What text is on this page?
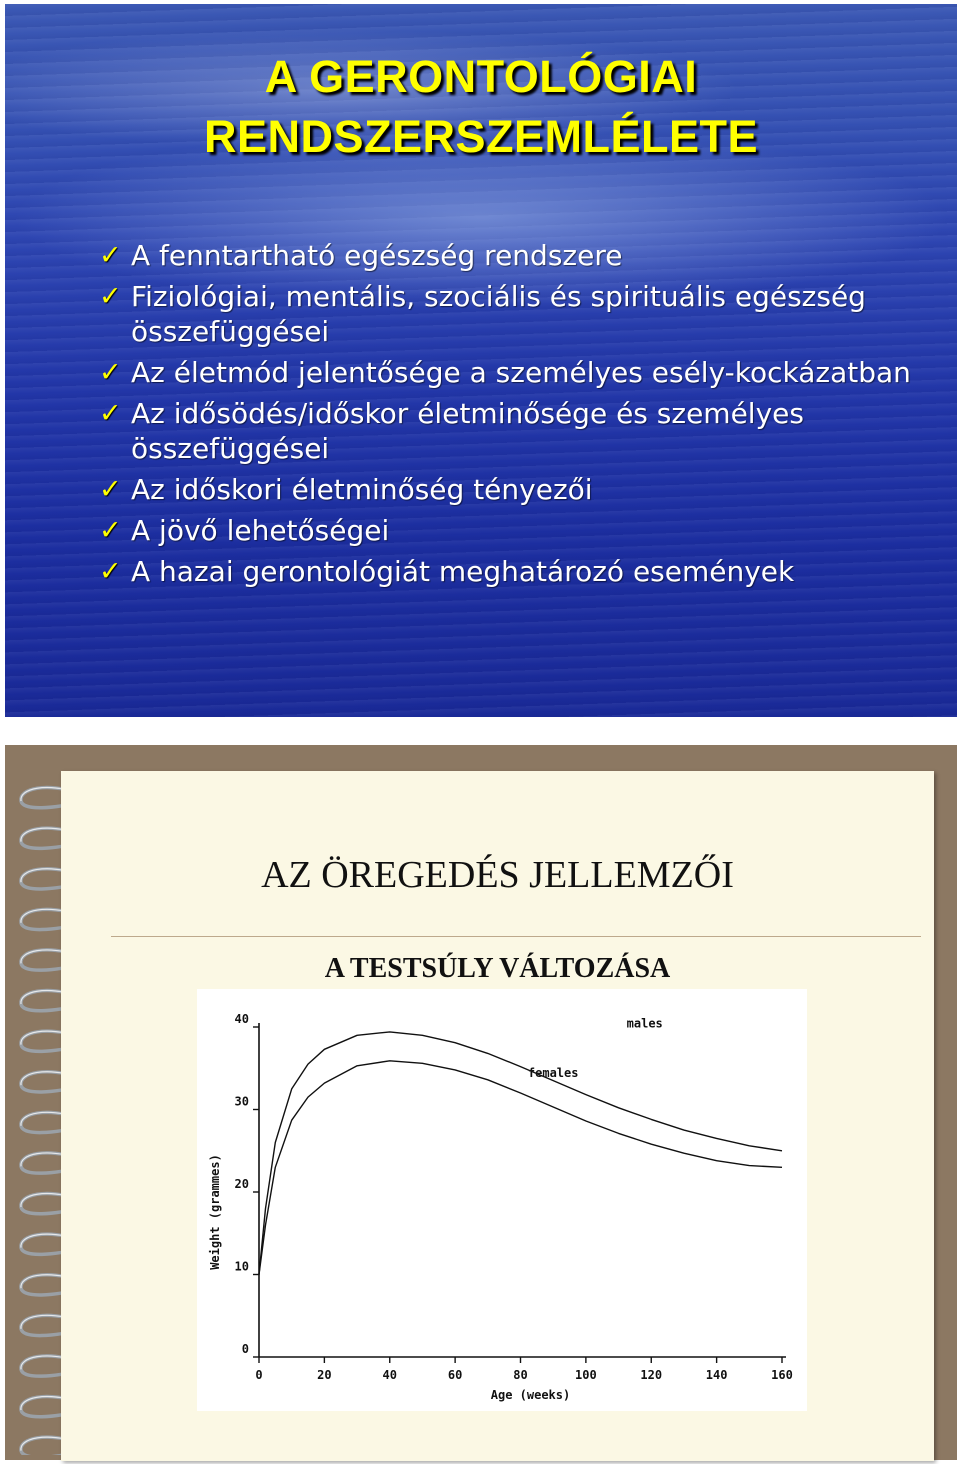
A GERONTOLÓGIAI
RENDSZERSZEMLÉLETE
✓ A fenntartható egészség rendszere
✓ Fiziológiai, mentális, szociális és spirituális egészség összefüggései
✓ Az életmód jelentősége a személyes esély-kockázatban
✓ Az idősödés/időskor életminősége és személyes összefüggései
✓ Az időskori életminőség tényezői
✓ A jövő lehetőségei
✓ A hazai gerontológiát meghatározó események
AZ ÖREGEDÉS JELLEMZŐI
A TESTSÚLY VÁLTOZÁSA
0	20	40	60	80	100	120	140	160
0
10
20
30
40
Age (weeks)
Weight (grammes)
males
females
